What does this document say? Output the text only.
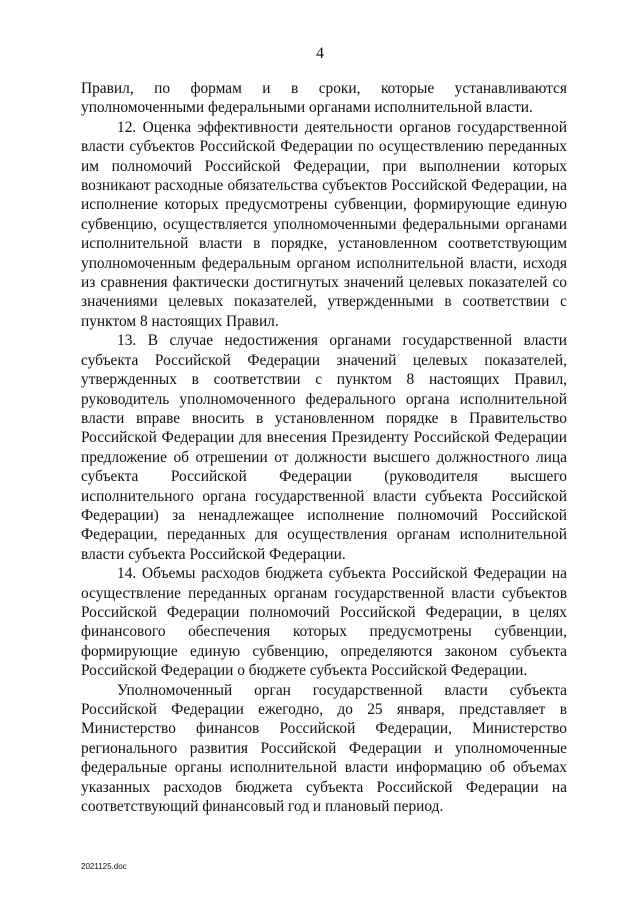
4

Правил, по формам и в сроки, которые устанавливаются уполномоченными федеральными органами исполнительной власти.

12. Оценка эффективности деятельности органов государственной власти субъектов Российской Федерации по осуществлению переданных им полномочий Российской Федерации, при выполнении которых возникают расходные обязательства субъектов Российской Федерации, на исполнение которых предусмотрены субвенции, формирующие единую субвенцию, осуществляется уполномоченными федеральными органами исполнительной власти в порядке, установленном соответствующим уполномоченным федеральным органом исполнительной власти, исходя из сравнения фактически достигнутых значений целевых показателей со значениями целевых показателей, утвержденными в соответствии с пунктом 8 настоящих Правил.

13. В случае недостижения органами государственной власти субъекта Российской Федерации значений целевых показателей, утвержденных в соответствии с пунктом 8 настоящих Правил, руководитель уполномоченного федерального органа исполнительной власти вправе вносить в установленном порядке в Правительство Российской Федерации для внесения Президенту Российской Федерации предложение об отрешении от должности высшего должностного лица субъекта Российской Федерации (руководителя высшего исполнительного органа государственной власти субъекта Российской Федерации) за ненадлежащее исполнение полномочий Российской Федерации, переданных для осуществления органам исполнительной власти субъекта Российской Федерации.

14. Объемы расходов бюджета субъекта Российской Федерации на осуществление переданных органам государственной власти субъектов Российской Федерации полномочий Российской Федерации, в целях финансового обеспечения которых предусмотрены субвенции, формирующие единую субвенцию, определяются законом субъекта Российской Федерации о бюджете субъекта Российской Федерации.

Уполномоченный орган государственной власти субъекта Российской Федерации ежегодно, до 25 января, представляет в Министерство финансов Российской Федерации, Министерство регионального развития Российской Федерации и уполномоченные федеральные органы исполнительной власти информацию об объемах указанных расходов бюджета субъекта Российской Федерации на соответствующий финансовый год и плановый период.

2021125.doc
